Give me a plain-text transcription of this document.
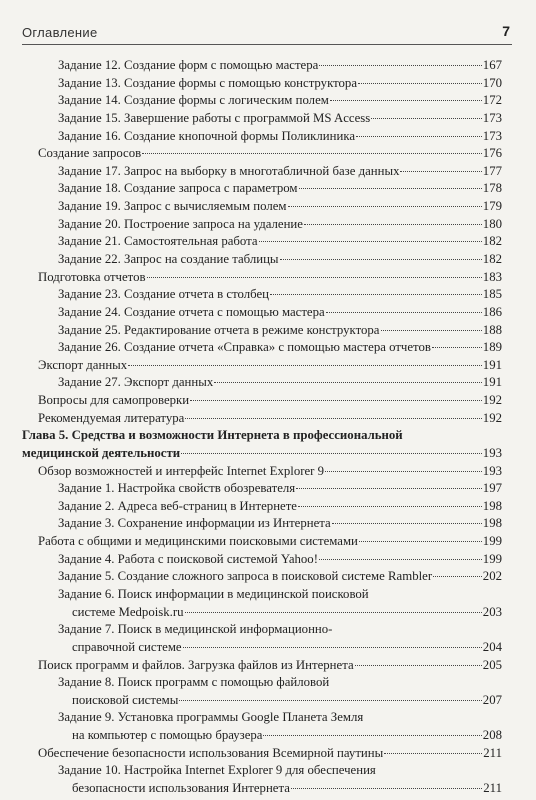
Оглавление	7
Задание 12. Создание форм с помощью мастера	167
Задание 13. Создание формы с помощью конструктора	170
Задание 14. Создание формы с логическим полем	172
Задание 15. Завершение работы с программой MS Access	173
Задание 16. Создание кнопочной формы Поликлиника	173
Создание запросов	176
Задание 17. Запрос на выборку в многотабличной базе данных	177
Задание 18. Создание запроса с параметром	178
Задание 19. Запрос с вычисляемым полем	179
Задание 20. Построение запроса на удаление	180
Задание 21. Самостоятельная работа	182
Задание 22. Запрос на создание таблицы	182
Подготовка отчетов	183
Задание 23. Создание отчета в столбец	185
Задание 24. Создание отчета с помощью мастера	186
Задание 25. Редактирование отчета в режиме конструктора	188
Задание 26. Создание отчета «Справка» с помощью мастера отчетов	189
Экспорт данных	191
Задание 27. Экспорт данных	191
Вопросы для самопроверки	192
Рекомендуемая литература	192
Глава 5. Средства и возможности Интернета в профессиональной
медицинской деятельности	193
Обзор возможностей и интерфейс Internet Explorer 9	193
Задание 1. Настройка свойств обозревателя	197
Задание 2. Адреса веб-страниц в Интернете	198
Задание 3. Сохранение информации из Интернета	198
Работа с общими и медицинскими поисковыми системами	199
Задание 4. Работа с поисковой системой Yahoo!	199
Задание 5. Создание сложного запроса в поисковой системе Rambler	202
Задание 6. Поиск информации в медицинской поисковой
системе Medpoisk.ru	203
Задание 7. Поиск в медицинской информационно-
справочной системе	204
Поиск программ и файлов. Загрузка файлов из Интернета	205
Задание 8. Поиск программ с помощью файловой
поисковой системы	207
Задание 9. Установка программы Google Планета Земля
на компьютер с помощью браузера	208
Обеспечение безопасности использования Всемирной паутины	211
Задание 10. Настройка Internet Explorer 9 для обеспечения
безопасности использования Интернета	211
